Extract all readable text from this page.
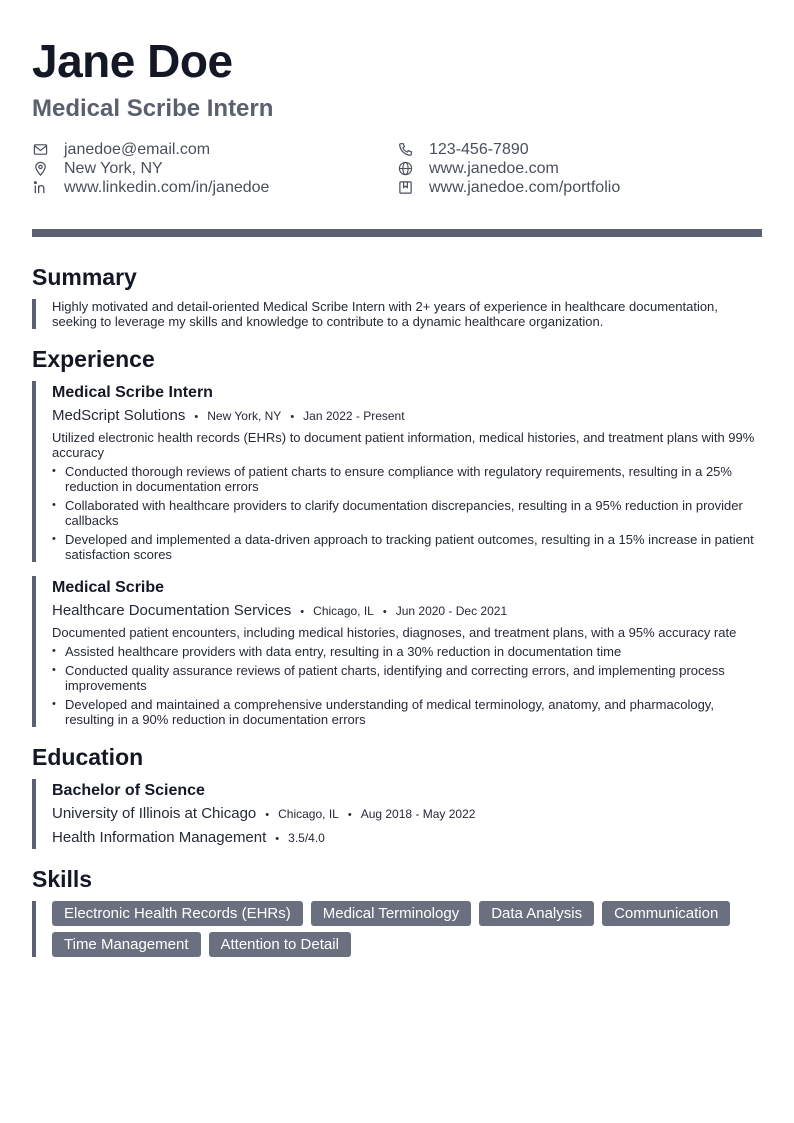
Jane Doe
Medical Scribe Intern
janedoe@email.com	123-456-7890
New York, NY	www.janedoe.com
www.linkedin.com/in/janedoe	www.janedoe.com/portfolio
Summary
Highly motivated and detail-oriented Medical Scribe Intern with 2+ years of experience in healthcare documentation, seeking to leverage my skills and knowledge to contribute to a dynamic healthcare organization.
Experience
Medical Scribe Intern
MedScript Solutions • New York, NY • Jan 2022 - Present
Utilized electronic health records (EHRs) to document patient information, medical histories, and treatment plans with 99% accuracy
• Conducted thorough reviews of patient charts to ensure compliance with regulatory requirements, resulting in a 25% reduction in documentation errors
• Collaborated with healthcare providers to clarify documentation discrepancies, resulting in a 95% reduction in provider callbacks
• Developed and implemented a data-driven approach to tracking patient outcomes, resulting in a 15% increase in patient satisfaction scores
Medical Scribe
Healthcare Documentation Services • Chicago, IL • Jun 2020 - Dec 2021
Documented patient encounters, including medical histories, diagnoses, and treatment plans, with a 95% accuracy rate
• Assisted healthcare providers with data entry, resulting in a 30% reduction in documentation time
• Conducted quality assurance reviews of patient charts, identifying and correcting errors, and implementing process improvements
• Developed and maintained a comprehensive understanding of medical terminology, anatomy, and pharmacology, resulting in a 90% reduction in documentation errors
Education
Bachelor of Science
University of Illinois at Chicago • Chicago, IL • Aug 2018 - May 2022
Health Information Management • 3.5/4.0
Skills
Electronic Health Records (EHRs)	Medical Terminology	Data Analysis	Communication
Time Management	Attention to Detail
